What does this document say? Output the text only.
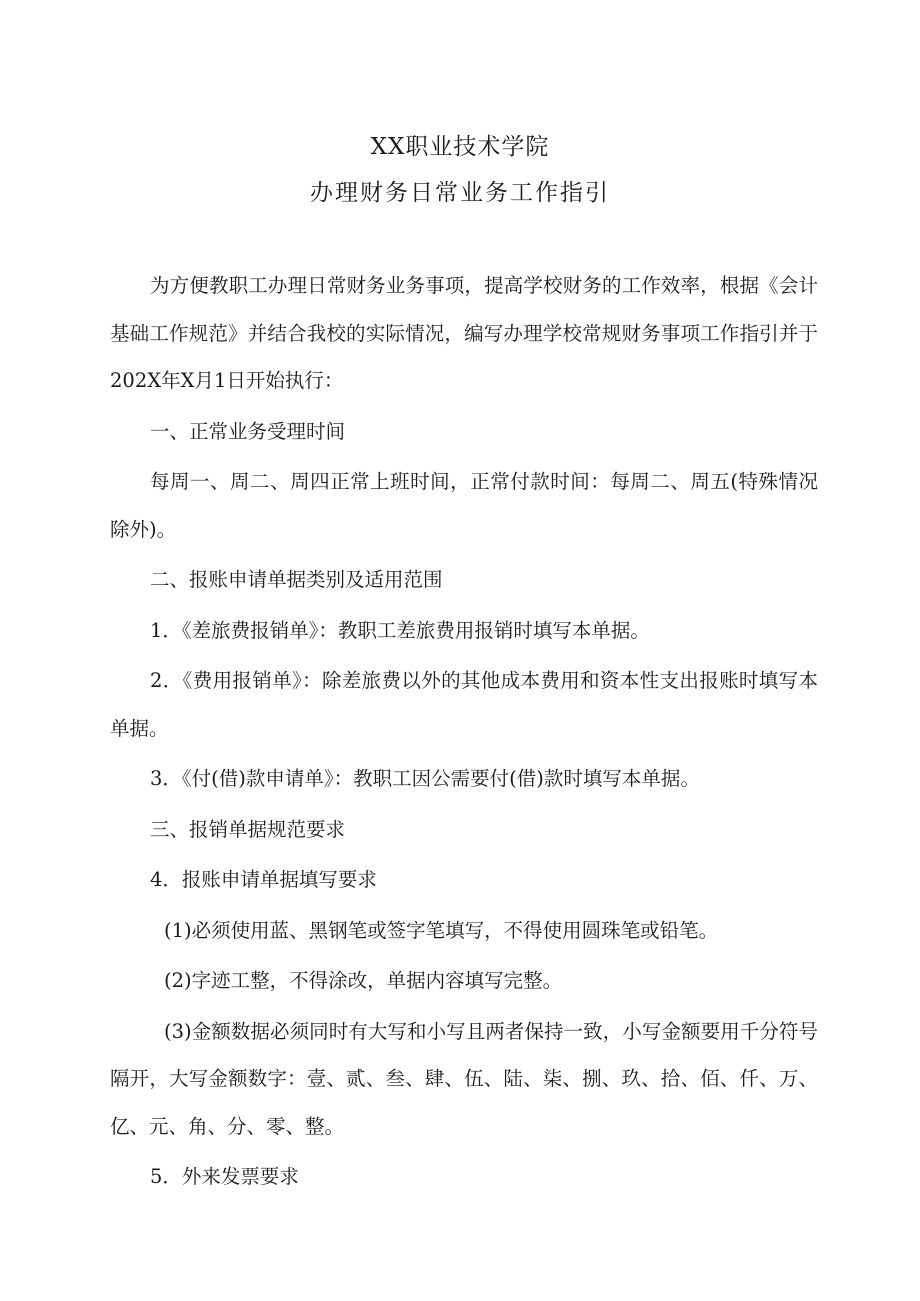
XX职业技术学院
办理财务日常业务工作指引

为方便教职工办理日常财务业务事项，提高学校财务的工作效率，根据《会计基础工作规范》并结合我校的实际情况，编写办理学校常规财务事项工作指引并于202X年X月1日开始执行：

一、正常业务受理时间

每周一、周二、周四正常上班时间，正常付款时间：每周二、周五(特殊情况除外)。

二、报账申请单据类别及适用范围

1．《差旅费报销单》：教职工差旅费用报销时填写本单据。

2．《费用报销单》：除差旅费以外的其他成本费用和资本性支出报账时填写本单据。

3．《付(借)款申请单》：教职工因公需要付(借)款时填写本单据。

三、报销单据规范要求

4．报账申请单据填写要求

(1)必须使用蓝、黑钢笔或签字笔填写，不得使用圆珠笔或铅笔。

(2)字迹工整，不得涂改，单据内容填写完整。

(3)金额数据必须同时有大写和小写且两者保持一致，小写金额要用千分符号隔开，大写金额数字：壹、贰、叁、肆、伍、陆、柒、捌、玖、拾、佰、仟、万、亿、元、角、分、零、整。

5．外来发票要求
